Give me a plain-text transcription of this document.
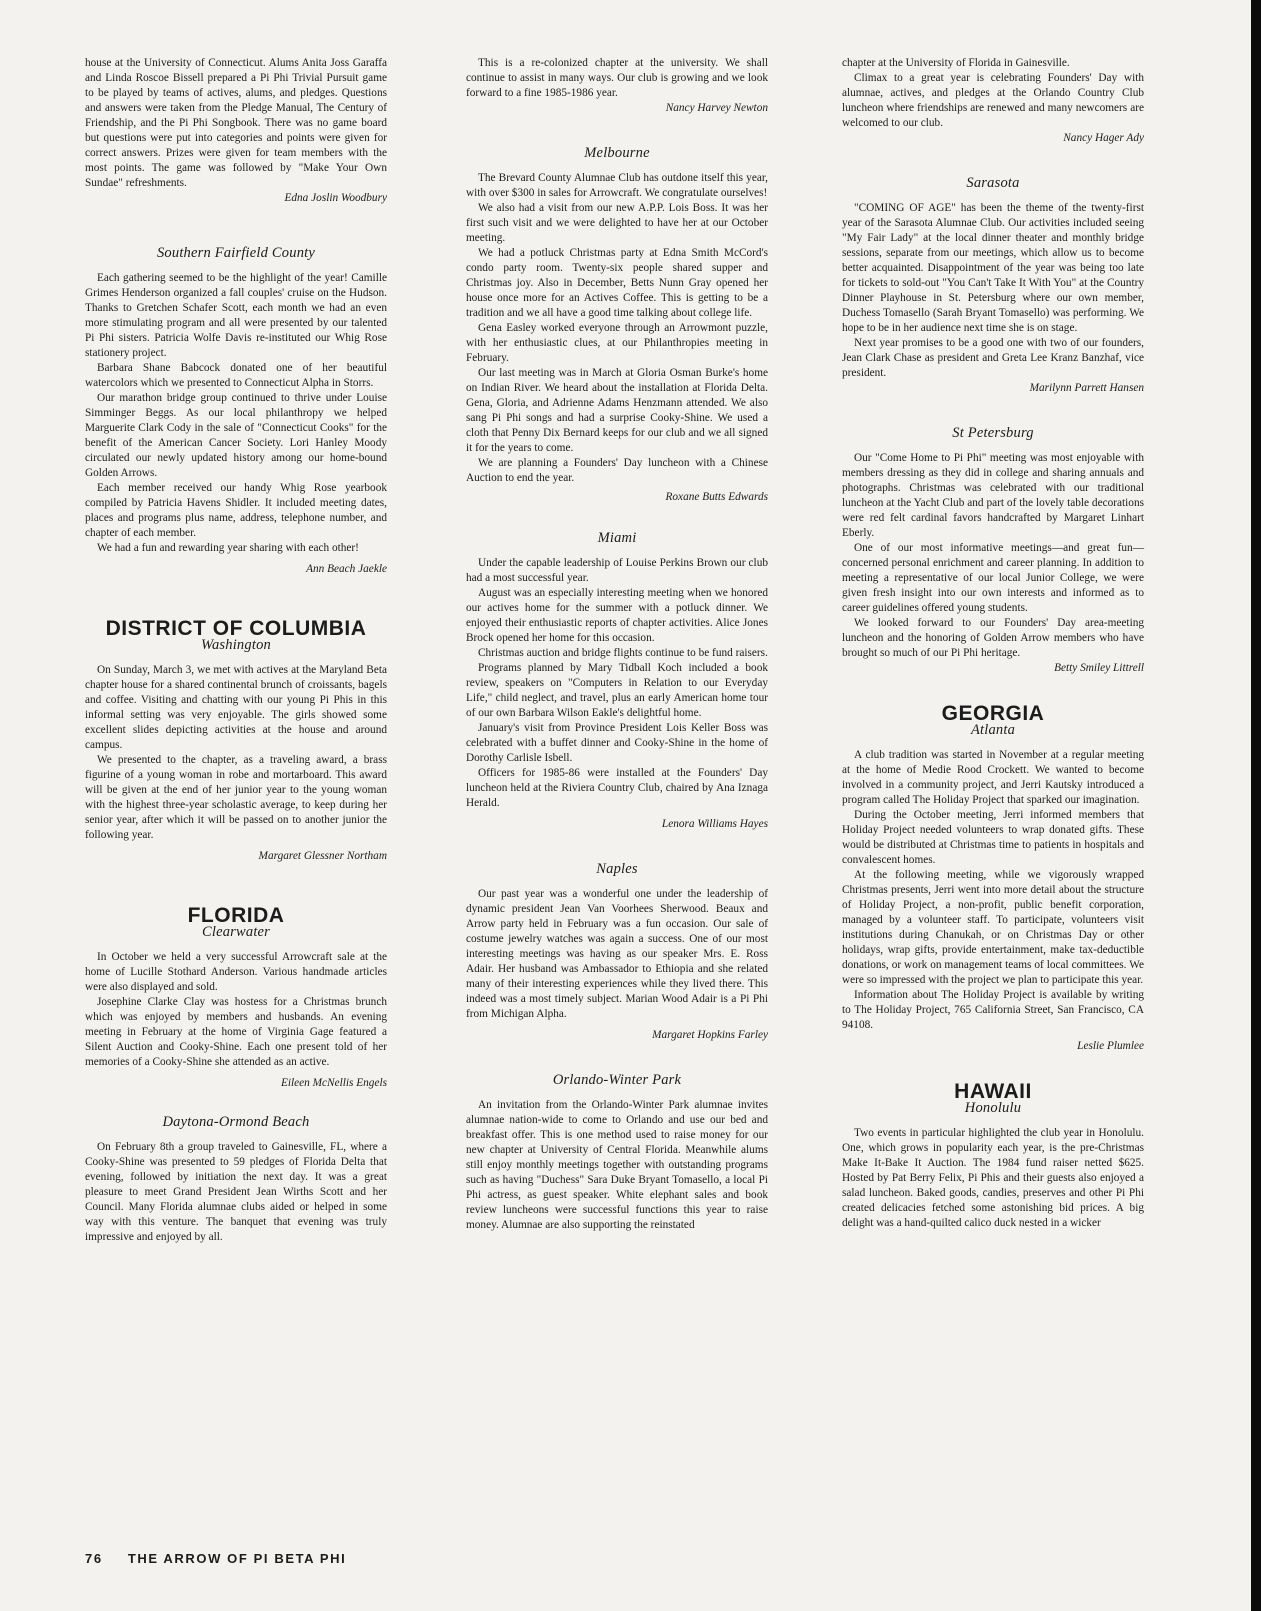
house at the University of Connecticut. Alums Anita Joss Garaffa and Linda Roscoe Bissell prepared a Pi Phi Trivial Pursuit game to be played by teams of actives, alums, and pledges. Questions and answers were taken from the Pledge Manual, The Century of Friendship, and the Pi Phi Songbook. There was no game board but questions were put into categories and points were given for correct answers. Prizes were given for team members with the most points. The game was followed by "Make Your Own Sundae" refreshments.

Edna Joslin Woodbury
Southern Fairfield County

Each gathering seemed to be the highlight of the year! Camille Grimes Henderson organized a fall couples' cruise on the Hudson. Thanks to Gretchen Schafer Scott, each month we had an even more stimulating program and all were presented by our talented Pi Phi sisters. Patricia Wolfe Davis re-instituted our Whig Rose stationery project.

Barbara Shane Babcock donated one of her beautiful watercolors which we presented to Connecticut Alpha in Storrs.

Our marathon bridge group continued to thrive under Louise Simminger Beggs. As our local philanthropy we helped Marguerite Clark Cody in the sale of "Connecticut Cooks" for the benefit of the American Cancer Society. Lori Hanley Moody circulated our newly updated history among our home-bound Golden Arrows.

Each member received our handy Whig Rose yearbook compiled by Patricia Havens Shidler. It included meeting dates, places and programs plus name, address, telephone number, and chapter of each member.

We had a fun and rewarding year sharing with each other!

Ann Beach Jaekle
DISTRICT OF COLUMBIA
Washington

On Sunday, March 3, we met with actives at the Maryland Beta chapter house for a shared continental brunch of croissants, bagels and coffee. Visiting and chatting with our young Pi Phis in this informal setting was very enjoyable. The girls showed some excellent slides depicting activities at the house and around campus.

We presented to the chapter, as a traveling award, a brass figurine of a young woman in robe and mortarboard. This award will be given at the end of her junior year to the young woman with the highest three-year scholastic average, to keep during her senior year, after which it will be passed on to another junior the following year.

Margaret Glessner Northam
FLORIDA
Clearwater

In October we held a very successful Arrowcraft sale at the home of Lucille Stothard Anderson. Various handmade articles were also displayed and sold.

Josephine Clarke Clay was hostess for a Christmas brunch which was enjoyed by members and husbands. An evening meeting in February at the home of Virginia Gage featured a Silent Auction and Cooky-Shine. Each one present told of her memories of a Cooky-Shine she attended as an active.

Eileen McNellis Engels
Daytona-Ormond Beach

On February 8th a group traveled to Gainesville, FL, where a Cooky-Shine was presented to 59 pledges of Florida Delta that evening, followed by initiation the next day. It was a great pleasure to meet Grand President Jean Wirths Scott and her Council. Many Florida alumnae clubs aided or helped in some way with this venture. The banquet that evening was truly impressive and enjoyed by all.

This is a re-colonized chapter at the university. We shall continue to assist in many ways. Our club is growing and we look forward to a fine 1985-1986 year.

Nancy Harvey Newton
Melbourne

The Brevard County Alumnae Club has outdone itself this year, with over $300 in sales for Arrowcraft. We congratulate ourselves!

We also had a visit from our new A.P.P. Lois Boss. It was her first such visit and we were delighted to have her at our October meeting.

We had a potluck Christmas party at Edna Smith McCord's condo party room. Twenty-six people shared supper and Christmas joy. Also in December, Betts Nunn Gray opened her house once more for an Actives Coffee. This is getting to be a tradition and we all have a good time talking about college life.

Gena Easley worked everyone through an Arrowmont puzzle, with her enthusiastic clues, at our Philanthropies meeting in February.

Our last meeting was in March at Gloria Osman Burke's home on Indian River. We heard about the installation at Florida Delta. Gena, Gloria, and Adrienne Adams Henzmann attended. We also sang Pi Phi songs and had a surprise Cooky-Shine. We used a cloth that Penny Dix Bernard keeps for our club and we all signed it for the years to come.

We are planning a Founders' Day luncheon with a Chinese Auction to end the year.

Roxane Butts Edwards
Miami

Under the capable leadership of Louise Perkins Brown our club had a most successful year.

August was an especially interesting meeting when we honored our actives home for the summer with a potluck dinner. We enjoyed their enthusiastic reports of chapter activities. Alice Jones Brock opened her home for this occasion.

Christmas auction and bridge flights continue to be fund raisers.

Programs planned by Mary Tidball Koch included a book review, speakers on "Computers in Relation to our Everyday Life," child neglect, and travel, plus an early American home tour of our own Barbara Wilson Eakle's delightful home.

January's visit from Province President Lois Keller Boss was celebrated with a buffet dinner and Cooky-Shine in the home of Dorothy Carlisle Isbell.

Officers for 1985-86 were installed at the Founders' Day luncheon held at the Riviera Country Club, chaired by Ana Iznaga Herald.

Lenora Williams Hayes
Naples

Our past year was a wonderful one under the leadership of dynamic president Jean Van Voorhees Sherwood. Beaux and Arrow party held in February was a fun occasion. Our sale of costume jewelry watches was again a success. One of our most interesting meetings was having as our speaker Mrs. E. Ross Adair. Her husband was Ambassador to Ethiopia and she related many of their interesting experiences while they lived there. This indeed was a most timely subject. Marian Wood Adair is a Pi Phi from Michigan Alpha.

Margaret Hopkins Farley
Orlando-Winter Park

An invitation from the Orlando-Winter Park alumnae invites alumnae nation-wide to come to Orlando and use our bed and breakfast offer. This is one method used to raise money for our new chapter at University of Central Florida. Meanwhile alums still enjoy monthly meetings together with outstanding programs such as having "Duchess" Sara Duke Bryant Tomasello, a local Pi Phi actress, as guest speaker. White elephant sales and book review luncheons were successful functions this year to raise money. Alumnae are also supporting the reinstated

chapter at the University of Florida in Gainesville.

Climax to a great year is celebrating Founders' Day with alumnae, actives, and pledges at the Orlando Country Club luncheon where friendships are renewed and many newcomers are welcomed to our club.

Nancy Hager Ady
Sarasota

"COMING OF AGE" has been the theme of the twenty-first year of the Sarasota Alumnae Club. Our activities included seeing "My Fair Lady" at the local dinner theater and monthly bridge sessions, separate from our meetings, which allow us to become better acquainted. Disappointment of the year was being too late for tickets to sold-out "You Can't Take It With You" at the Country Dinner Playhouse in St. Petersburg where our own member, Duchess Tomasello (Sarah Bryant Tomasello) was performing. We hope to be in her audience next time she is on stage.

Next year promises to be a good one with two of our founders, Jean Clark Chase as president and Greta Lee Kranz Banzhaf, vice president.

Marilynn Parrett Hansen
St Petersburg

Our "Come Home to Pi Phi" meeting was most enjoyable with members dressing as they did in college and sharing annuals and photographs. Christmas was celebrated with our traditional luncheon at the Yacht Club and part of the lovely table decorations were red felt cardinal favors handcrafted by Margaret Linhart Eberly.

One of our most informative meetings—and great fun—concerned personal enrichment and career planning. In addition to meeting a representative of our local Junior College, we were given fresh insight into our own interests and informed as to career guidelines offered young students.

We looked forward to our Founders' Day area-meeting luncheon and the honoring of Golden Arrow members who have brought so much of our Pi Phi heritage.

Betty Smiley Littrell
GEORGIA
Atlanta

A club tradition was started in November at a regular meeting at the home of Medie Rood Crockett. We wanted to become involved in a community project, and Jerri Kautsky introduced a program called The Holiday Project that sparked our imagination.

During the October meeting, Jerri informed members that Holiday Project needed volunteers to wrap donated gifts. These would be distributed at Christmas time to patients in hospitals and convalescent homes.

At the following meeting, while we vigorously wrapped Christmas presents, Jerri went into more detail about the structure of Holiday Project, a non-profit, public benefit corporation, managed by a volunteer staff. To participate, volunteers visit institutions during Chanukah, or on Christmas Day or other holidays, wrap gifts, provide entertainment, make tax-deductible donations, or work on management teams of local committees. We were so impressed with the project we plan to participate this year.

Information about The Holiday Project is available by writing to The Holiday Project, 765 California Street, San Francisco, CA 94108.

Leslie Plumlee
HAWAII
Honolulu

Two events in particular highlighted the club year in Honolulu. One, which grows in popularity each year, is the pre-Christmas Make It-Bake It Auction. The 1984 fund raiser netted $625. Hosted by Pat Berry Felix, Pi Phis and their guests also enjoyed a salad luncheon. Baked goods, candies, preserves and other Pi Phi created delicacies fetched some astonishing bid prices. A big delight was a hand-quilted calico duck nested in a wicker

76 THE ARROW OF PI BETA PHI
